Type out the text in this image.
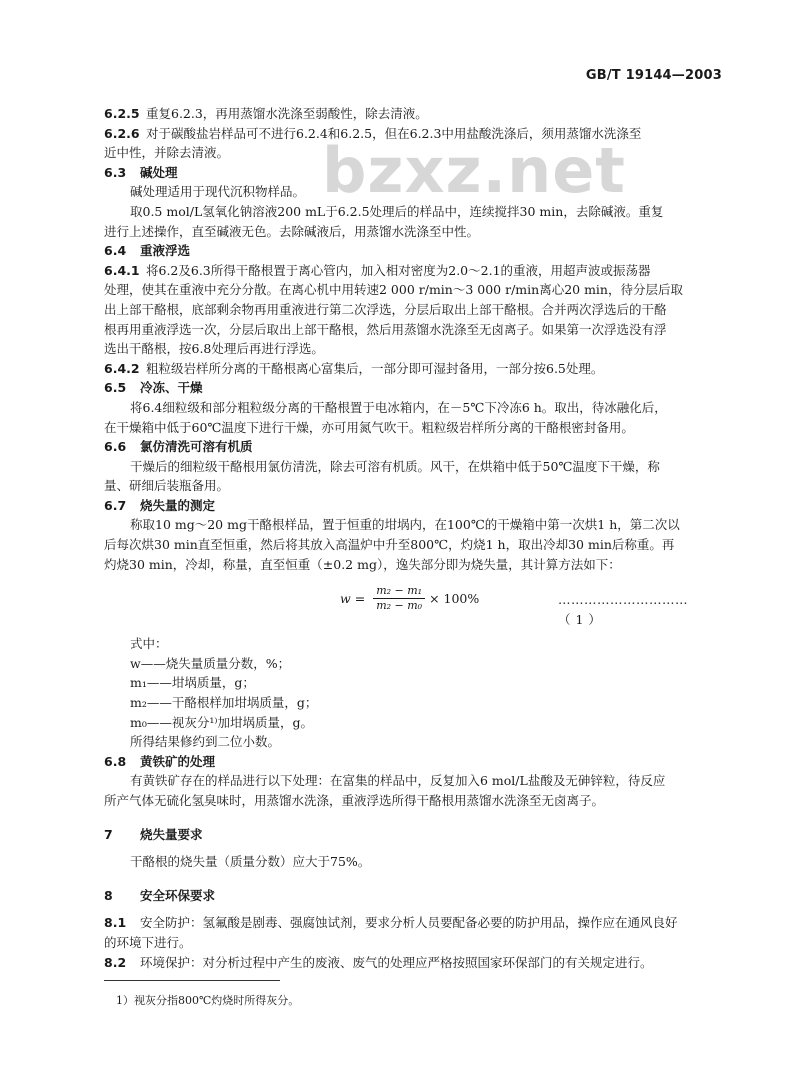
GB/T 19144—2003
bzxz.net
6.2.5 重复6.2.3，再用蒸馏水洗涤至弱酸性，除去清液。
6.2.6 对于碳酸盐岩样品可不进行6.2.4和6.2.5，但在6.2.3中用盐酸洗涤后，须用蒸馏水洗涤至
近中性，并除去清液。
6.3 碱处理
碱处理适用于现代沉积物样品。
取0.5 mol/L氢氧化钠溶液200 mL于6.2.5处理后的样品中，连续搅拌30 min，去除碱液。重复
进行上述操作，直至碱液无色。去除碱液后，用蒸馏水洗涤至中性。
6.4 重液浮选
6.4.1 将6.2及6.3所得干酪根置于离心管内，加入相对密度为2.0～2.1的重液，用超声波或振荡器
处理，使其在重液中充分分散。在离心机中用转速2 000 r/min～3 000 r/min离心20 min，待分层后取
出上部干酪根，底部剩余物再用重液进行第二次浮选，分层后取出上部干酪根。合并两次浮选后的干酪
根再用重液浮选一次，分层后取出上部干酪根，然后用蒸馏水洗涤至无卤离子。如果第一次浮选没有浮
选出干酪根，按6.8处理后再进行浮选。
6.4.2 粗粒级岩样所分离的干酪根离心富集后，一部分即可湿封备用，一部分按6.5处理。
6.5 冷冻、干燥
将6.4细粒级和部分粗粒级分离的干酪根置于电冰箱内，在－5℃下冷冻6 h。取出，待冰融化后，
在干燥箱中低于60℃温度下进行干燥，亦可用氮气吹干。粗粒级岩样所分离的干酪根密封备用。
6.6 氯仿清洗可溶有机质
干燥后的细粒级干酪根用氯仿清洗，除去可溶有机质。风干，在烘箱中低于50℃温度下干燥，称
量、研细后装瓶备用。
6.7 烧失量的测定
称取10 mg～20 mg干酪根样品，置于恒重的坩埚内，在100℃的干燥箱中第一次烘1 h，第二次以
后每次烘30 min直至恒重，然后将其放入高温炉中升至800℃，灼烧1 h，取出冷却30 min后称重。再
灼烧30 min，冷却，称量，直至恒重（±0.2 mg），逸失部分即为烧失量，其计算方法如下：
$w = \frac{\text{m₂ − m₁}}{\text{m₂ − m₀}} \times 100\%$	…………………………（ 1 ）
式中：
w——烧失量质量分数，%；
m₁——坩埚质量，g；
m₂——干酪根样加坩埚质量，g；
m₀——视灰分¹⁾加坩埚质量，g。
所得结果修约到二位小数。
6.8 黄铁矿的处理
有黄铁矿存在的样品进行以下处理：在富集的样品中，反复加入6 mol/L盐酸及无砷锌粒，待反应
所产气体无硫化氢臭味时，用蒸馏水洗涤，重液浮选所得干酪根用蒸馏水洗涤至无卤离子。
7 烧失量要求
干酪根的烧失量（质量分数）应大于75%。
8 安全环保要求
8.1 安全防护：氢氟酸是剧毒、强腐蚀试剂，要求分析人员要配备必要的防护用品，操作应在通风良好
的环境下进行。
8.2 环境保护：对分析过程中产生的废液、废气的处理应严格按照国家环保部门的有关规定进行。
1）视灰分指800℃灼烧时所得灰分。
